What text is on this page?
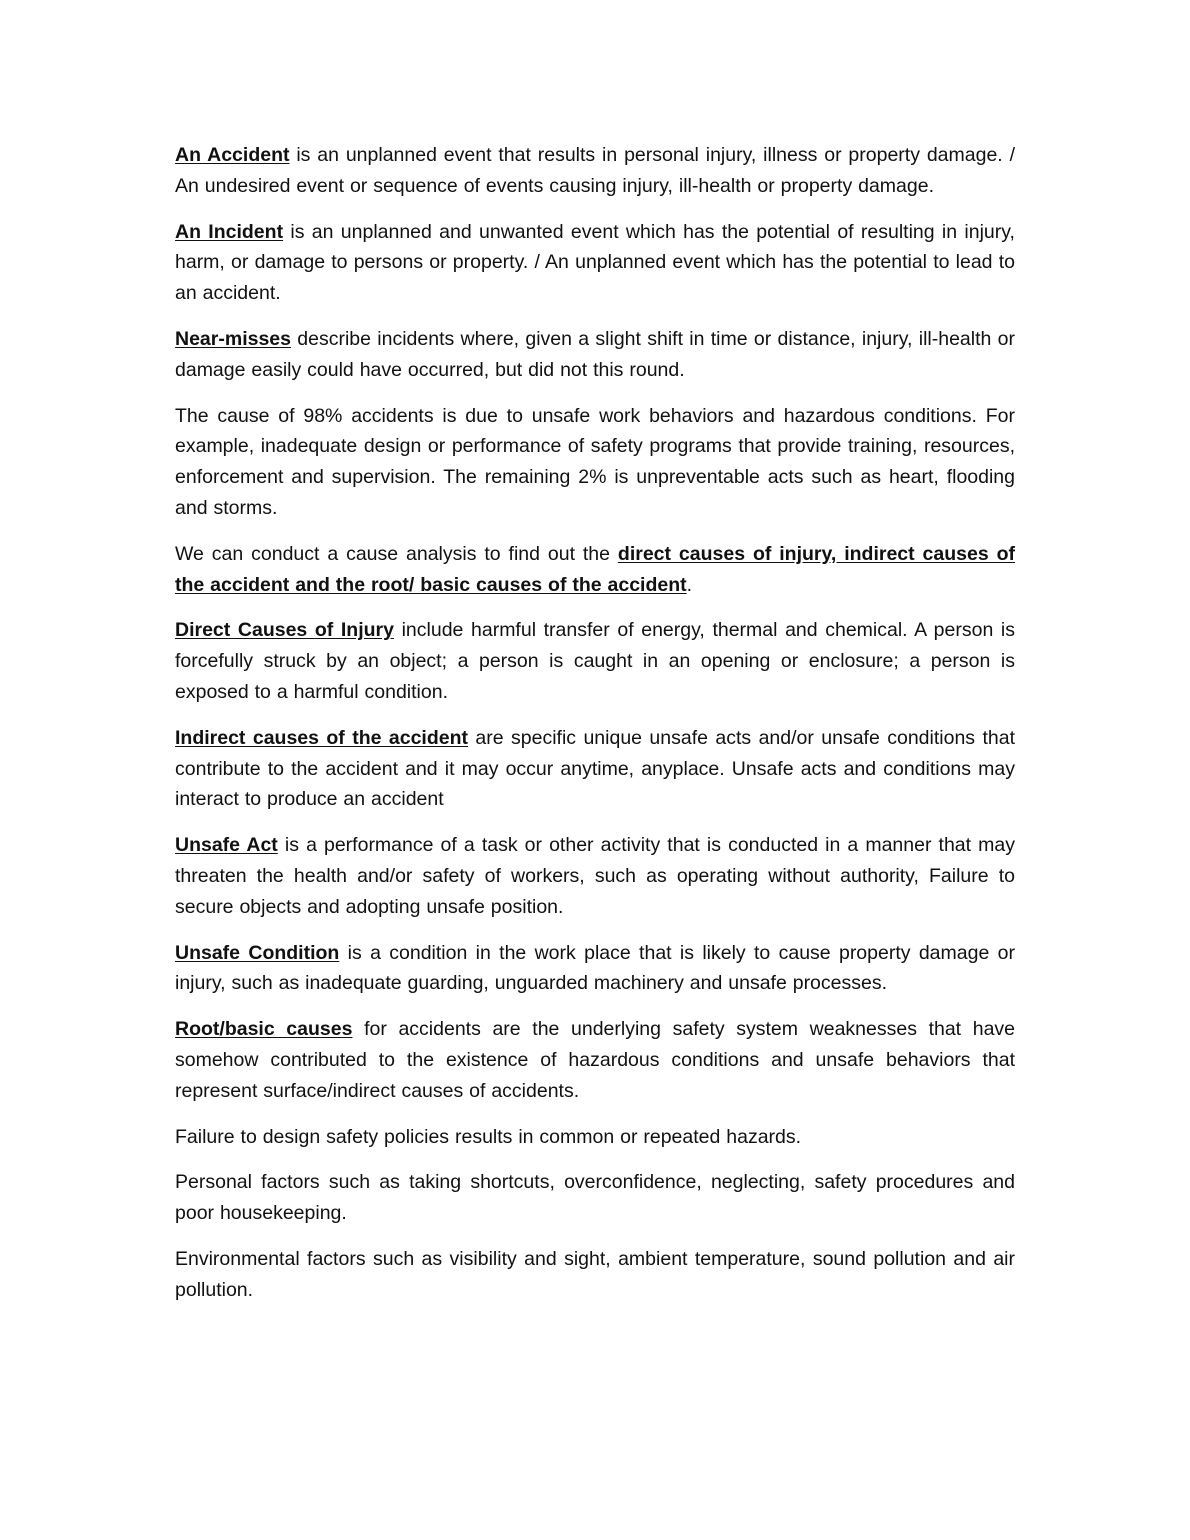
An Accident is an unplanned event that results in personal injury, illness or property damage. / An undesired event or sequence of events causing injury, ill-health or property damage.

An Incident is an unplanned and unwanted event which has the potential of resulting in injury, harm, or damage to persons or property. / An unplanned event which has the potential to lead to an accident.

Near-misses describe incidents where, given a slight shift in time or distance, injury, ill-health or damage easily could have occurred, but did not this round.

The cause of 98% accidents is due to unsafe work behaviors and hazardous conditions. For example, inadequate design or performance of safety programs that provide training, resources, enforcement and supervision. The remaining 2% is unpreventable acts such as heart, flooding and storms.

We can conduct a cause analysis to find out the direct causes of injury, indirect causes of the accident and the root/ basic causes of the accident.

Direct Causes of Injury include harmful transfer of energy, thermal and chemical. A person is forcefully struck by an object; a person is caught in an opening or enclosure; a person is exposed to a harmful condition.

Indirect causes of the accident are specific unique unsafe acts and/or unsafe conditions that contribute to the accident and it may occur anytime, anyplace. Unsafe acts and conditions may interact to produce an accident

Unsafe Act is a performance of a task or other activity that is conducted in a manner that may threaten the health and/or safety of workers, such as operating without authority, Failure to secure objects and adopting unsafe position.

Unsafe Condition is a condition in the work place that is likely to cause property damage or injury, such as inadequate guarding, unguarded machinery and unsafe processes.

Root/basic causes for accidents are the underlying safety system weaknesses that have somehow contributed to the existence of hazardous conditions and unsafe behaviors that represent surface/indirect causes of accidents.

Failure to design safety policies results in common or repeated hazards.

Personal factors such as taking shortcuts, overconfidence, neglecting, safety procedures and poor housekeeping.

Environmental factors such as visibility and sight, ambient temperature, sound pollution and air pollution.
